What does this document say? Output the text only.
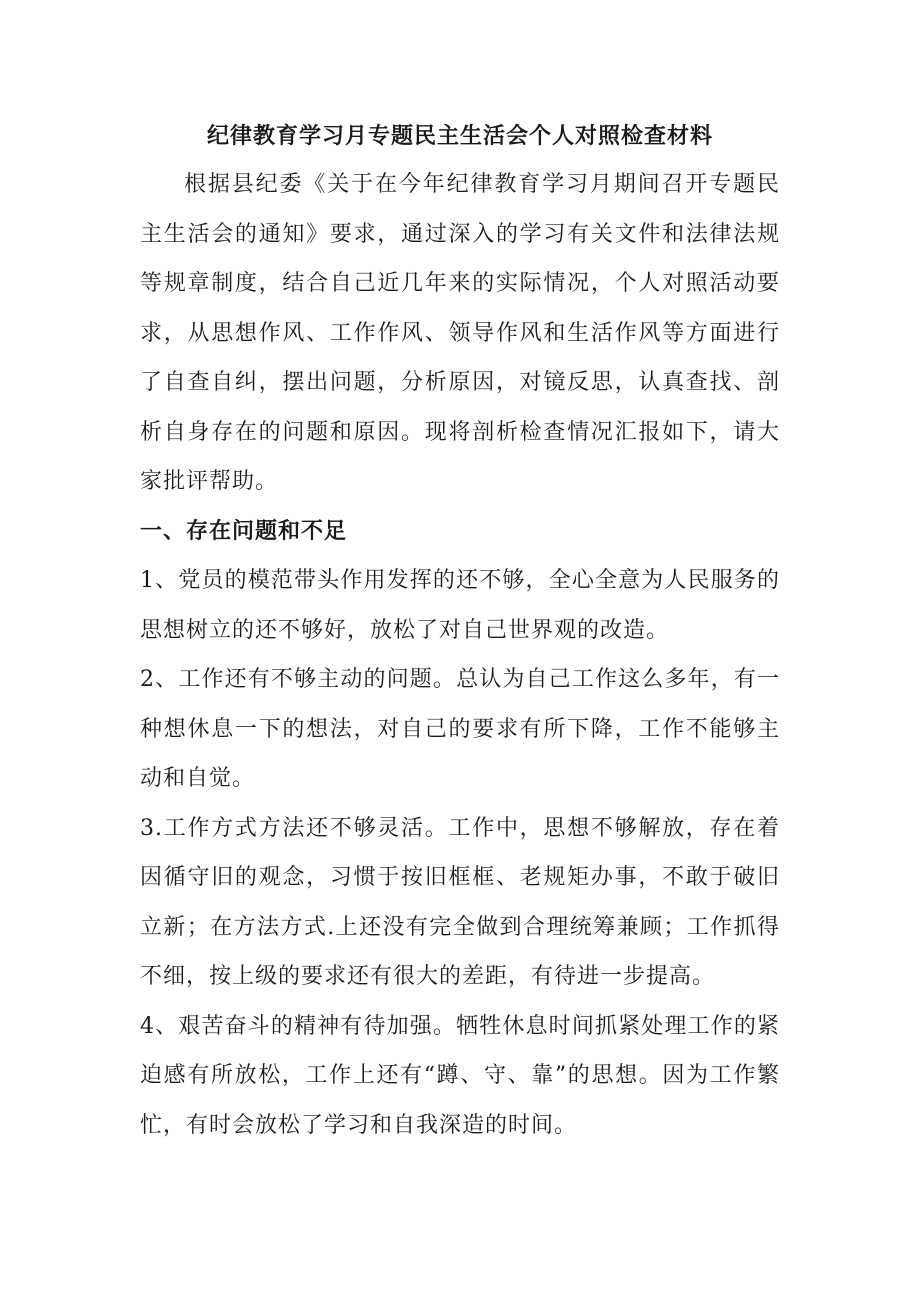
纪律教育学习月专题民主生活会个人对照检查材料

根据县纪委《关于在今年纪律教育学习月期间召开专题民主生活会的通知》要求，通过深入的学习有关文件和法律法规等规章制度，结合自己近几年来的实际情况，个人对照活动要求，从思想作风、工作作风、领导作风和生活作风等方面进行了自查自纠，摆出问题，分析原因，对镜反思，认真查找、剖析自身存在的问题和原因。现将剖析检查情况汇报如下，请大家批评帮助。

一、存在问题和不足

1、党员的模范带头作用发挥的还不够，全心全意为人民服务的思想树立的还不够好，放松了对自己世界观的改造。

2、工作还有不够主动的问题。总认为自己工作这么多年，有一种想休息一下的想法，对自己的要求有所下降，工作不能够主动和自觉。

3.工作方式方法还不够灵活。工作中，思想不够解放，存在着因循守旧的观念，习惯于按旧框框、老规矩办事，不敢于破旧立新；在方法方式.上还没有完全做到合理统筹兼顾；工作抓得不细，按上级的要求还有很大的差距，有待进一步提高。

4、艰苦奋斗的精神有待加强。牺牲休息时间抓紧处理工作的紧迫感有所放松，工作上还有“蹲、守、靠”的思想。因为工作繁忙，有时会放松了学习和自我深造的时间。
